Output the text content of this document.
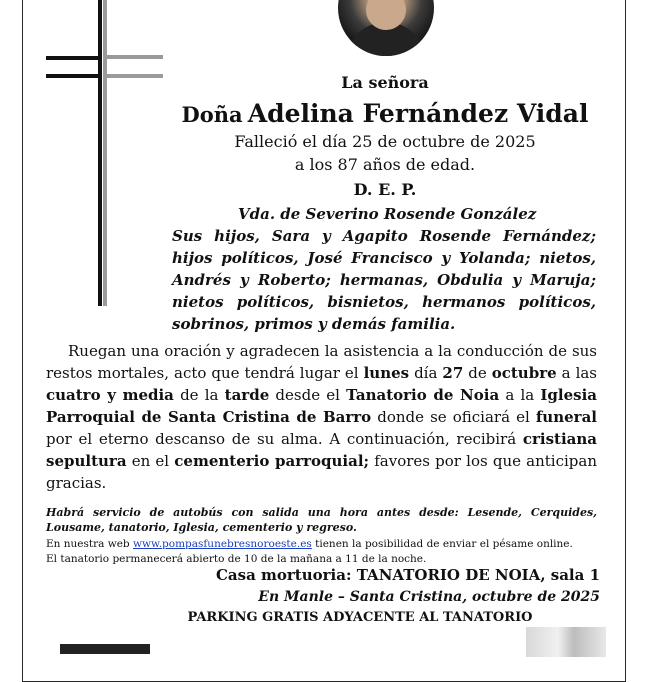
La señora
Doña Adelina Fernández Vidal
Falleció el día 25 de octubre de 2025
a los 87 años de edad.
D. E. P.
Vda. de Severino Rosende González

Sus hijos, Sara y Agapito Rosende Fernández;

hijos políticos, José Francisco y Yolanda; nietos,

Andrés y Roberto; hermanas, Obdulia y Maruja;

nietos políticos, bisnietos, hermanos políticos,

sobrinos, primos y demás familia.

Ruegan una oración y agradecen la asistencia a la conducción de sus restos mortales, acto que tendrá lugar el lunes día 27 de octubre a las cuatro y media de la tarde desde el Tanatorio de Noia a la Iglesia Parroquial de Santa Cristina de Barro donde se oficiará el funeral por el eterno descanso de su alma. A continuación, recibirá cristiana sepultura en el cementerio parroquial; favores por los que anticipan gracias.
Habrá servicio de autobús con salida una hora antes desde: Lesende, Cerquides, Lousame, tanatorio, Iglesia, cementerio y regreso.
En nuestra web www.pompasfunebresnoroeste.es tienen la posibilidad de enviar el pésame online.
El tanatorio permanecerá abierto de 10 de la mañana a 11 de la noche.
Casa mortuoria: TANATORIO DE NOIA, sala 1
En Manle – Santa Cristina, octubre de 2025
PARKING GRATIS ADYACENTE AL TANATORIO
